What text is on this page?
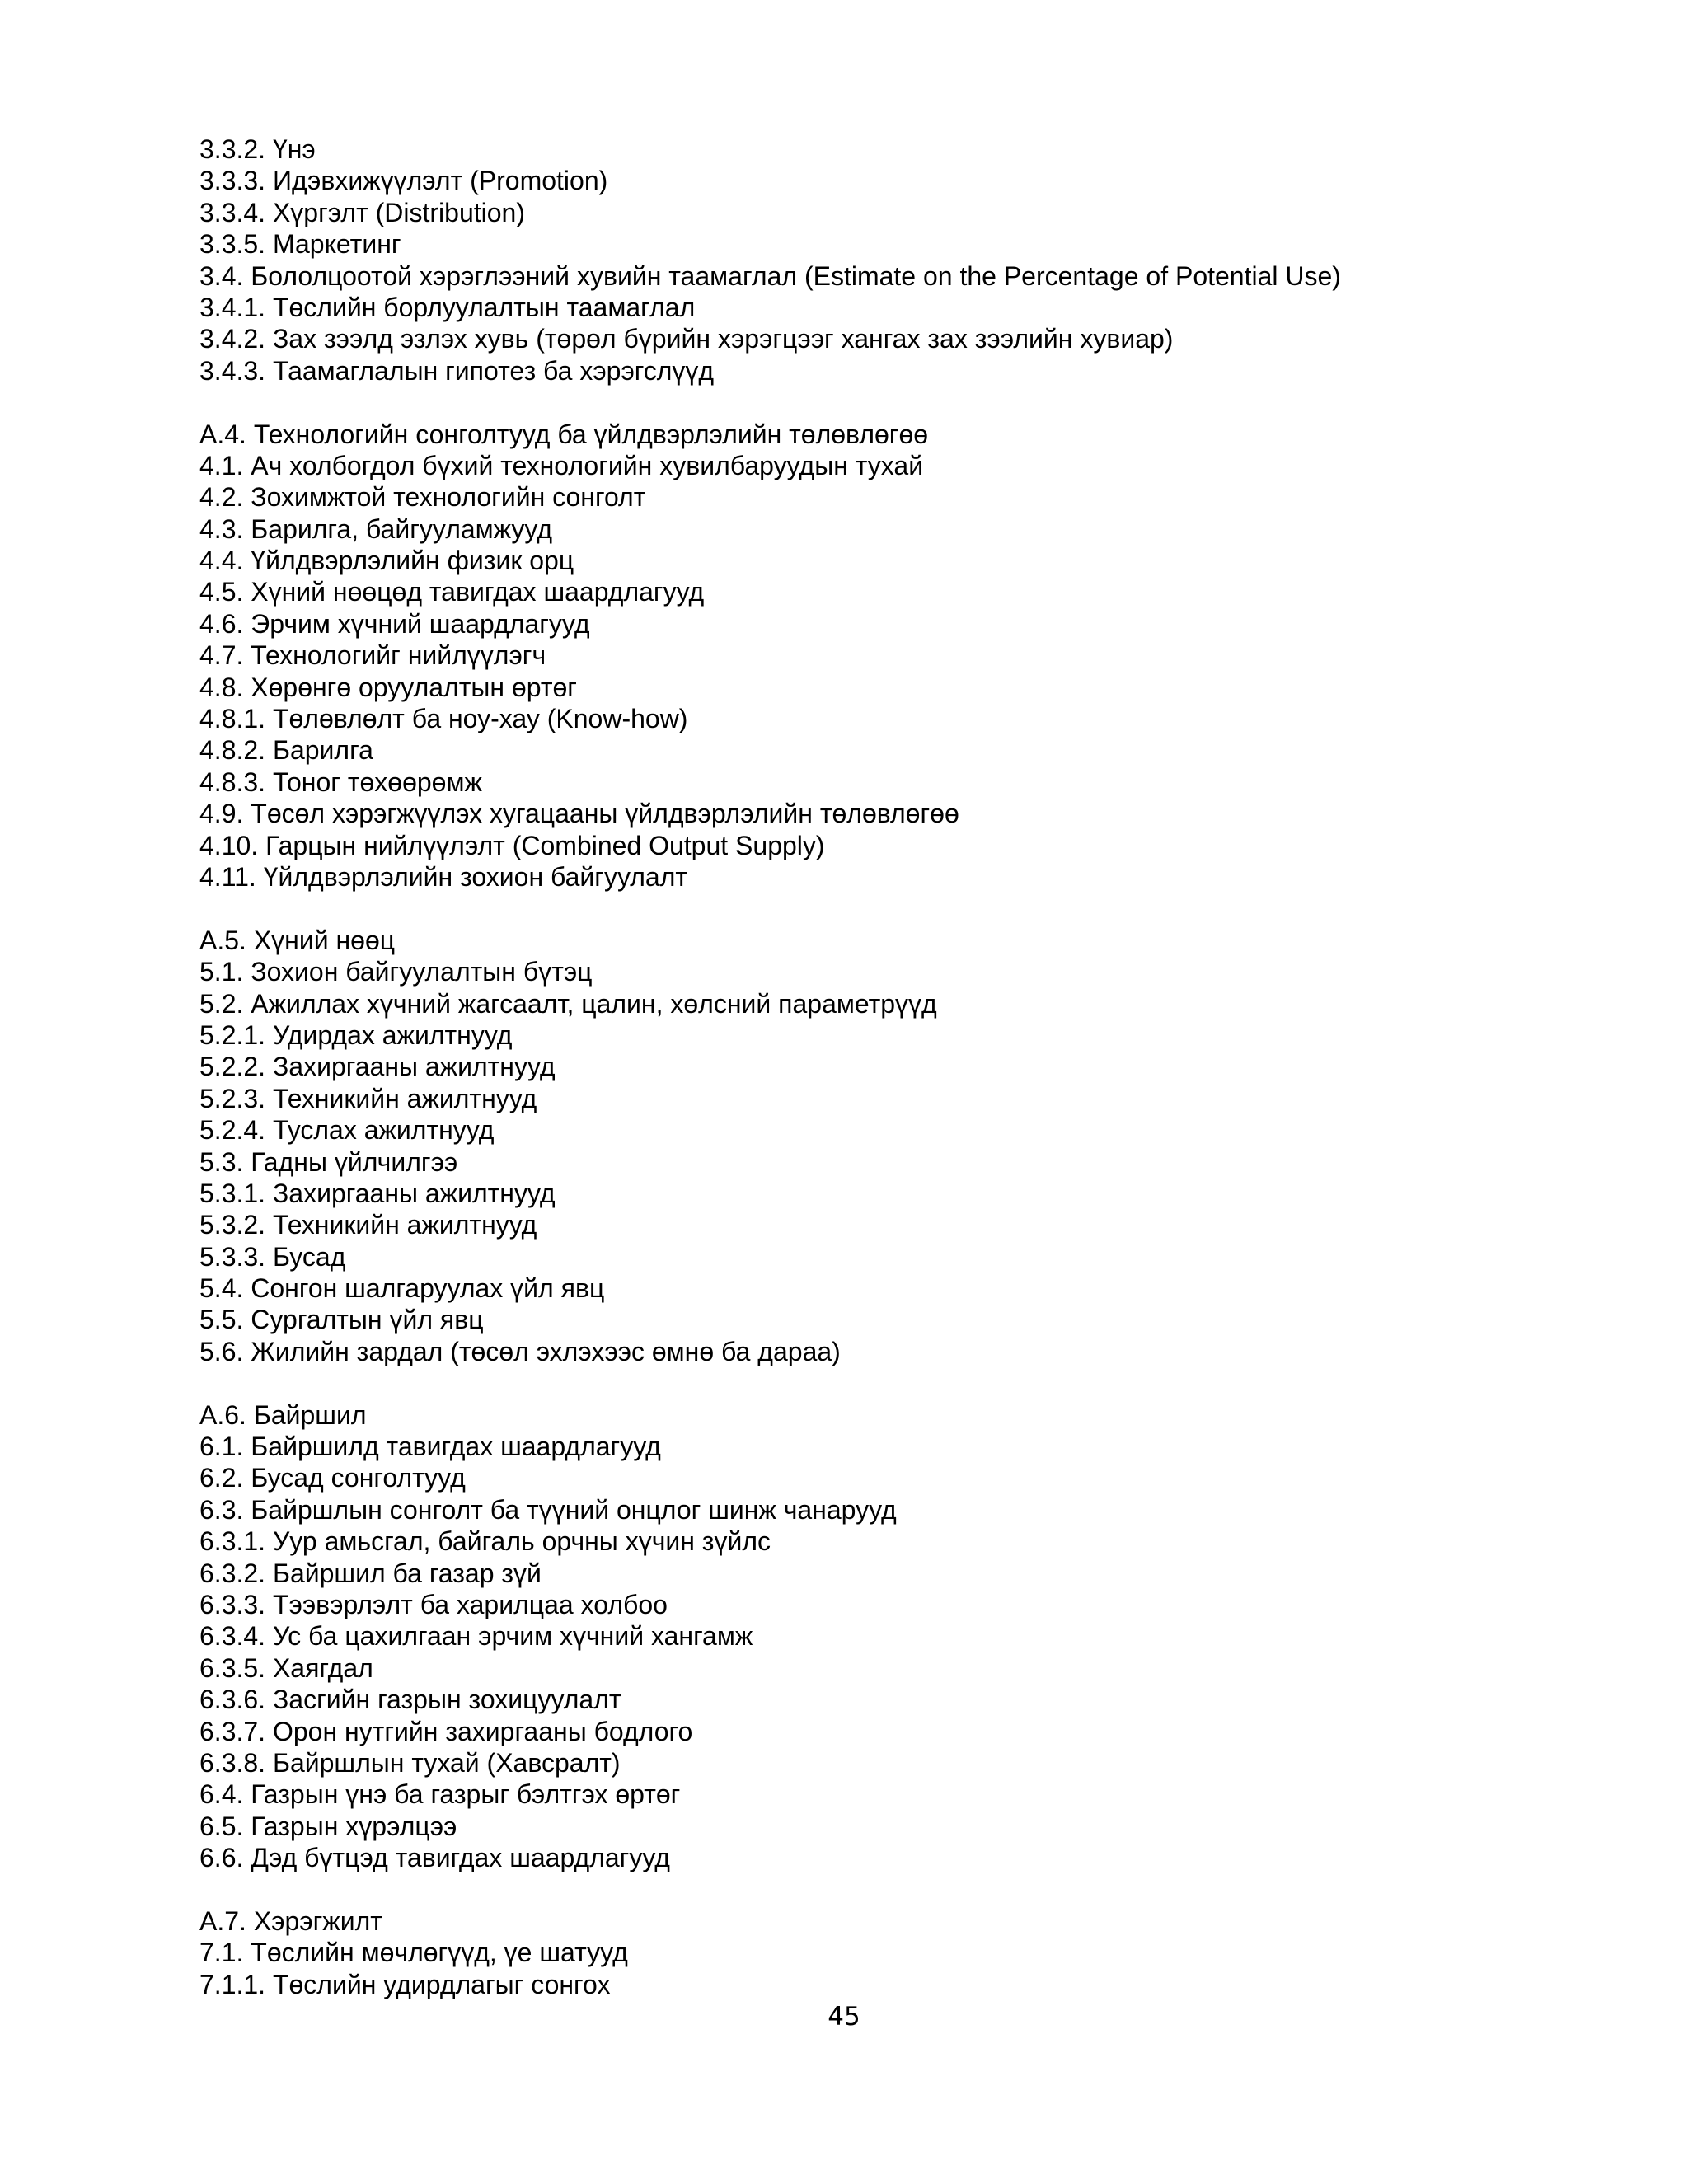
3.3.2. Үнэ
3.3.3. Идэвхижүүлэлт (Promotion)
3.3.4. Хүргэлт (Distribution)
3.3.5. Маркетинг
3.4. Бололцоотой хэрэглээний хувийн таамаглал (Estimate on the Percentage of Potential Use)
3.4.1. Төслийн борлуулалтын таамаглал
3.4.2. Зах зээлд эзлэх хувь (төрөл бүрийн хэрэгцээг хангах зах зээлийн хувиар)
3.4.3. Таамаглалын гипотез ба хэрэгслүүд
А.4. Технологийн сонголтууд ба үйлдвэрлэлийн төлөвлөгөө
4.1. Ач холбогдол бүхий технологийн хувилбаруудын тухай
4.2. Зохимжтой технологийн сонголт
4.3. Барилга, байгууламжууд
4.4. Үйлдвэрлэлийн физик орц
4.5. Хүний нөөцөд тавигдах шаардлагууд
4.6. Эрчим хүчний шаардлагууд
4.7. Технологийг нийлүүлэгч
4.8. Хөрөнгө оруулалтын өртөг
4.8.1. Төлөвлөлт ба ноу-хау (Know-how)
4.8.2. Барилга
4.8.3. Тоног төхөөрөмж
4.9. Төсөл хэрэгжүүлэх хугацааны үйлдвэрлэлийн төлөвлөгөө
4.10. Гарцын нийлүүлэлт (Combined Output Supply)
4.11. Үйлдвэрлэлийн зохион байгуулалт
А.5. Хүний нөөц
5.1. Зохион байгуулалтын бүтэц
5.2. Ажиллах хүчний жагсаалт, цалин, хөлсний параметрүүд
5.2.1. Удирдах ажилтнууд
5.2.2. Захиргааны ажилтнууд
5.2.3. Техникийн ажилтнууд
5.2.4. Туслах ажилтнууд
5.3. Гадны үйлчилгээ
5.3.1. Захиргааны ажилтнууд
5.3.2. Техникийн ажилтнууд
5.3.3. Бусад
5.4. Сонгон шалгаруулах үйл явц
5.5. Сургалтын үйл явц
5.6. Жилийн зардал (төсөл эхлэхээс өмнө ба дараа)
А.6. Байршил
6.1. Байршилд тавигдах шаардлагууд
6.2. Бусад сонголтууд
6.3. Байршлын сонголт ба түүний онцлог шинж чанарууд
6.3.1. Уур амьсгал, байгаль орчны хүчин зүйлс
6.3.2. Байршил ба газар зүй
6.3.3. Тээвэрлэлт ба харилцаа холбоо
6.3.4. Ус ба цахилгаан эрчим хүчний хангамж
6.3.5. Хаягдал
6.3.6. Засгийн газрын зохицуулалт
6.3.7. Орон нутгийн захиргааны бодлого
6.3.8. Байршлын тухай (Хавсралт)
6.4. Газрын үнэ ба газрыг бэлтгэх өртөг
6.5. Газрын хүрэлцээ
6.6. Дэд бүтцэд тавигдах шаардлагууд
А.7. Хэрэгжилт
7.1. Төслийн мөчлөгүүд, үе шатууд
7.1.1. Төслийн удирдлагыг сонгох
45
